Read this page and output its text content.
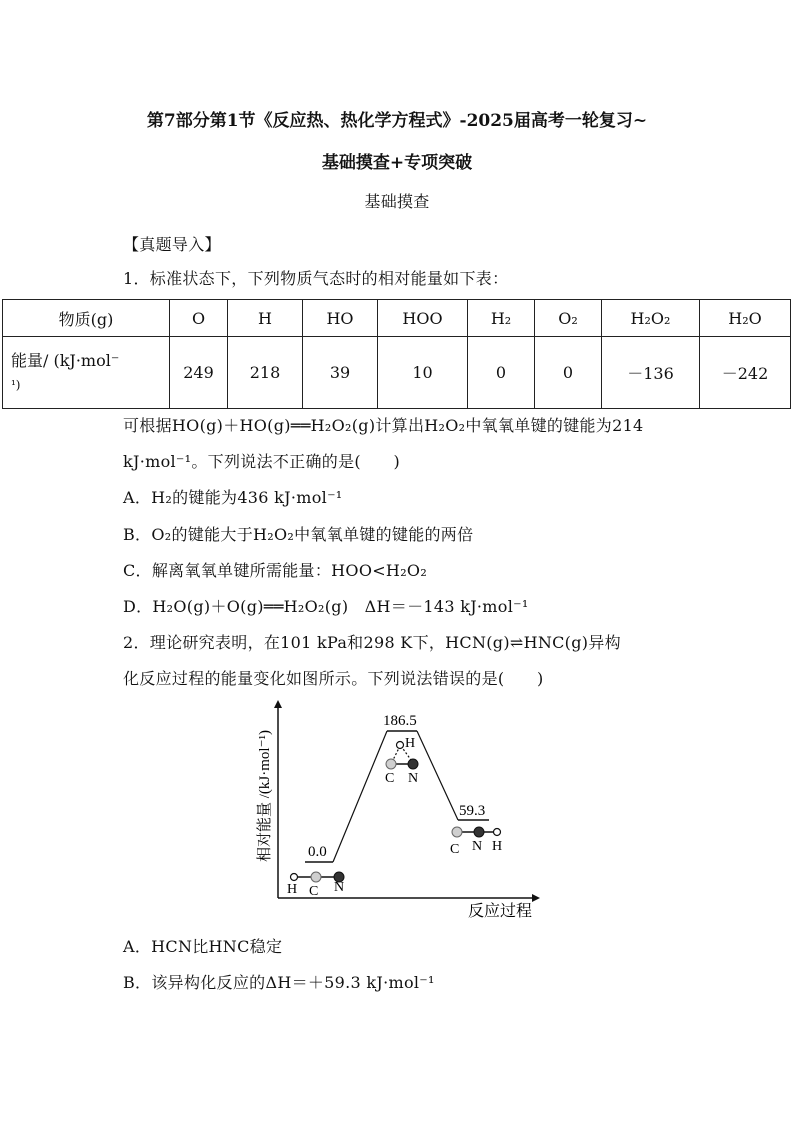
第7部分第1节《反应热、热化学方程式》-2025届高考一轮复习~
基础摸查+专项突破
基础摸查
【真题导入】
1．标准状态下，下列物质气态时的相对能量如下表：
物质(g)	O	H	HO	HOO	H₂	O₂	H₂O₂	H₂O

能量/ (kJ·mol⁻
¹)	249	218	39	10	0	0	－136	－242
可根据HO(g)＋HO(g)══H₂O₂(g)计算出H₂O₂中氧氧单键的键能为214
kJ·mol⁻¹。下列说法不正确的是(　　)
A．H₂的键能为436 kJ·mol⁻¹
B．O₂的键能大于H₂O₂中氧氧单键的键能的两倍
C．解离氧氧单键所需能量：HOO<H₂O₂
D．H₂O(g)＋O(g)══H₂O₂(g)　ΔH＝－143 kJ·mol⁻¹
2．理论研究表明，在101 kPa和298 K下，HCN(g)⇌HNC(g)异构
化反应过程的能量变化如图所示。下列说法错误的是(　　)
相对能量 /(kJ·mol⁻¹)
反应过程
0.0
186.5
59.3
H C N
H
C N
C N H
A．HCN比HNC稳定
B．该异构化反应的ΔH＝＋59.3 kJ·mol⁻¹
